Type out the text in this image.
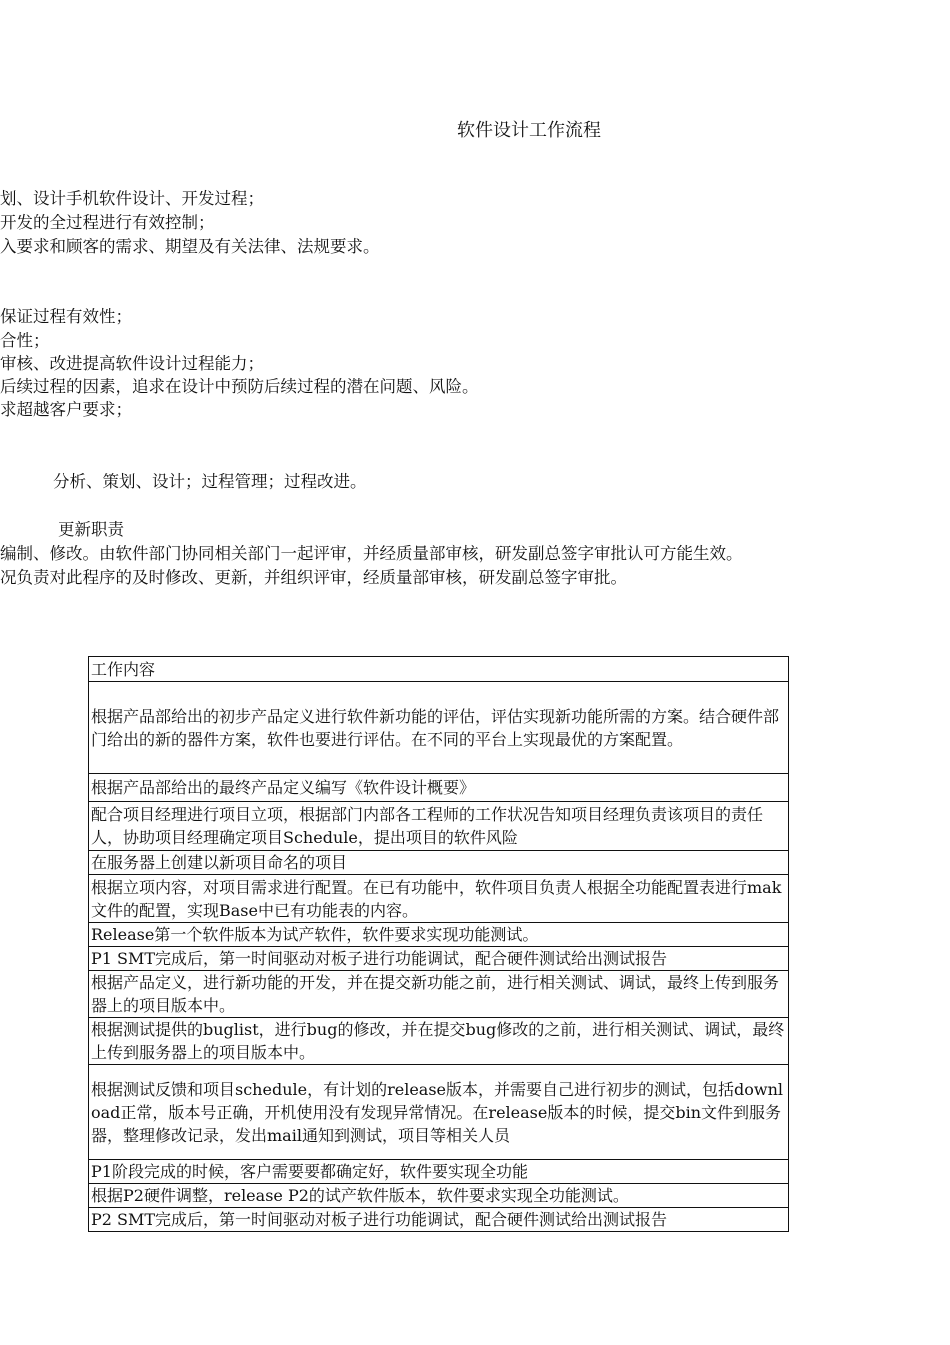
软件设计工作流程
划、设计手机软件设计、开发过程；
开发的全过程进行有效控制；
入要求和顾客的需求、期望及有关法律、法规要求。
保证过程有效性；
合性；
审核、改进提高软件设计过程能力；
后续过程的因素，追求在设计中预防后续过程的潜在问题、风险。
求超越客户要求；
分析、策划、设计；过程管理；过程改进。
更新职责
编制、修改。由软件部门协同相关部门一起评审，并经质量部审核，研发副总签字审批认可方能生效。
况负责对此程序的及时修改、更新，并组织评审，经质量部审核，研发副总签字审批。
工作内容
根据产品部给出的初步产品定义进行软件新功能的评估，评估实现新功能所需的方案。结合硬件部门给出的新的器件方案，软件也要进行评估。在不同的平台上实现最优的方案配置。
根据产品部给出的最终产品定义编写《软件设计概要》
配合项目经理进行项目立项，根据部门内部各工程师的工作状况告知项目经理负责该项目的责任人，协助项目经理确定项目Schedule，提出项目的软件风险
在服务器上创建以新项目命名的项目
根据立项内容，对项目需求进行配置。在已有功能中，软件项目负责人根据全功能配置表进行mak文件的配置，实现Base中已有功能表的内容。
Release第一个软件版本为试产软件，软件要求实现功能测试。
P1 SMT完成后，第一时间驱动对板子进行功能调试，配合硬件测试给出测试报告
根据产品定义，进行新功能的开发，并在提交新功能之前，进行相关测试、调试，最终上传到服务器上的项目版本中。
根据测试提供的buglist，进行bug的修改，并在提交bug修改的之前，进行相关测试、调试，最终上传到服务器上的项目版本中。
根据测试反馈和项目schedule，有计划的release版本，并需要自己进行初步的测试，包括download正常，版本号正确，开机使用没有发现异常情况。在release版本的时候，提交bin文件到服务器，整理修改记录，发出mail通知到测试，项目等相关人员
P1阶段完成的时候，客户需要要都确定好，软件要实现全功能
根据P2硬件调整，release P2的试产软件版本，软件要求实现全功能测试。
P2 SMT完成后，第一时间驱动对板子进行功能调试，配合硬件测试给出测试报告
